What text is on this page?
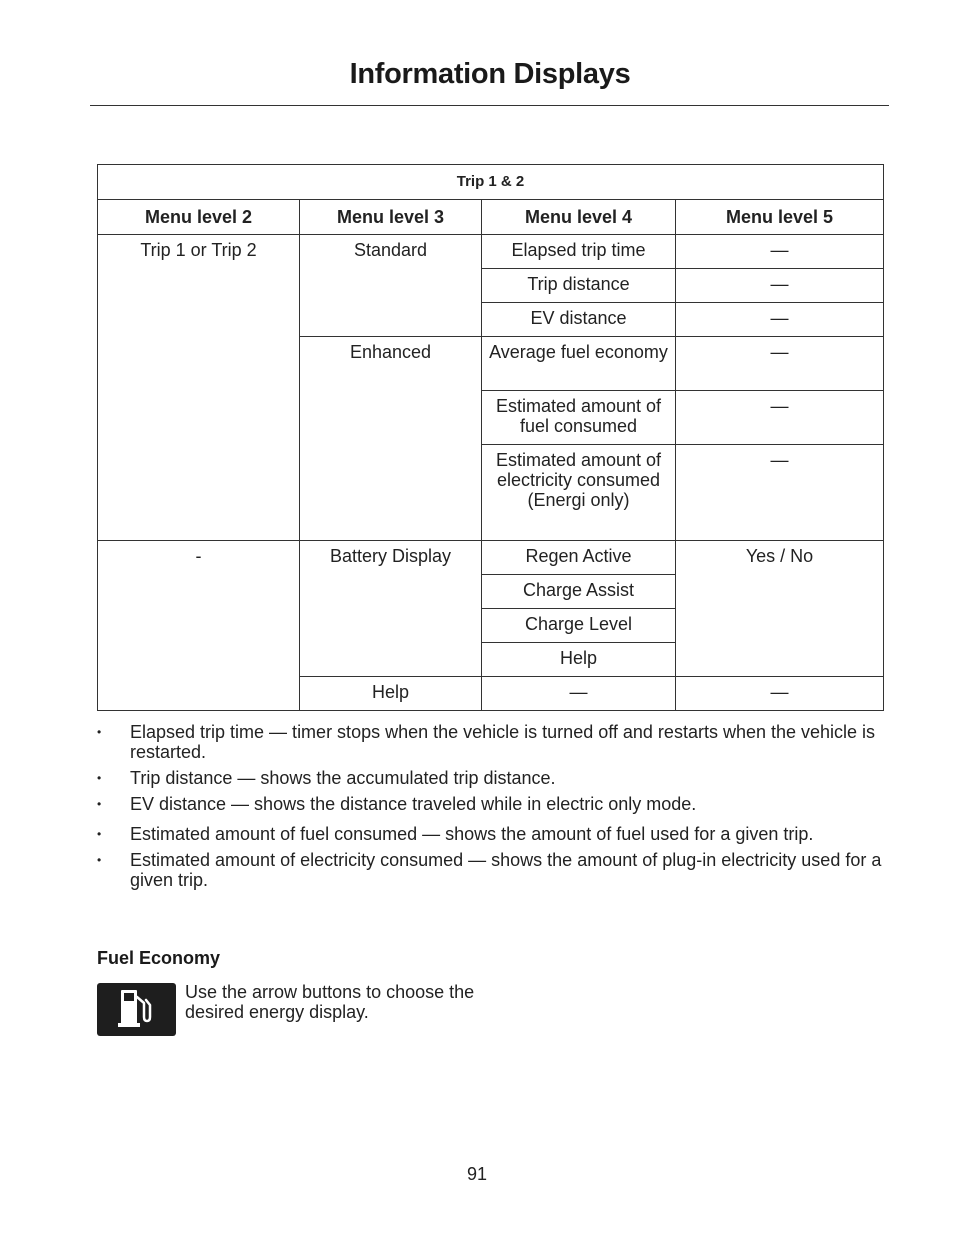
Information Displays
Trip 1 & 2			
Menu level 2	Menu level 3	Menu level 4	Menu level 5
Trip 1 or Trip 2	Standard	Elapsed trip time	—
		Trip distance	—
		EV distance	—
	Enhanced	Average fuel economy	—
		Estimated amount of fuel consumed	—
		Estimated amount of electricity consumed (Energi only)	—
-	Battery Display	Regen Active	Yes / No
		Charge Assist	
		Charge Level	
		Help	
	Help	—	—
• Elapsed trip time — timer stops when the vehicle is turned off and restarts when the vehicle is restarted.
• Trip distance — shows the accumulated trip distance.
• EV distance — shows the distance traveled while in electric only mode.
• Estimated amount of fuel consumed — shows the amount of fuel used for a given trip.
• Estimated amount of electricity consumed — shows the amount of plug-in electricity used for a given trip.
Fuel Economy
Use the arrow buttons to choose the desired energy display.
91
